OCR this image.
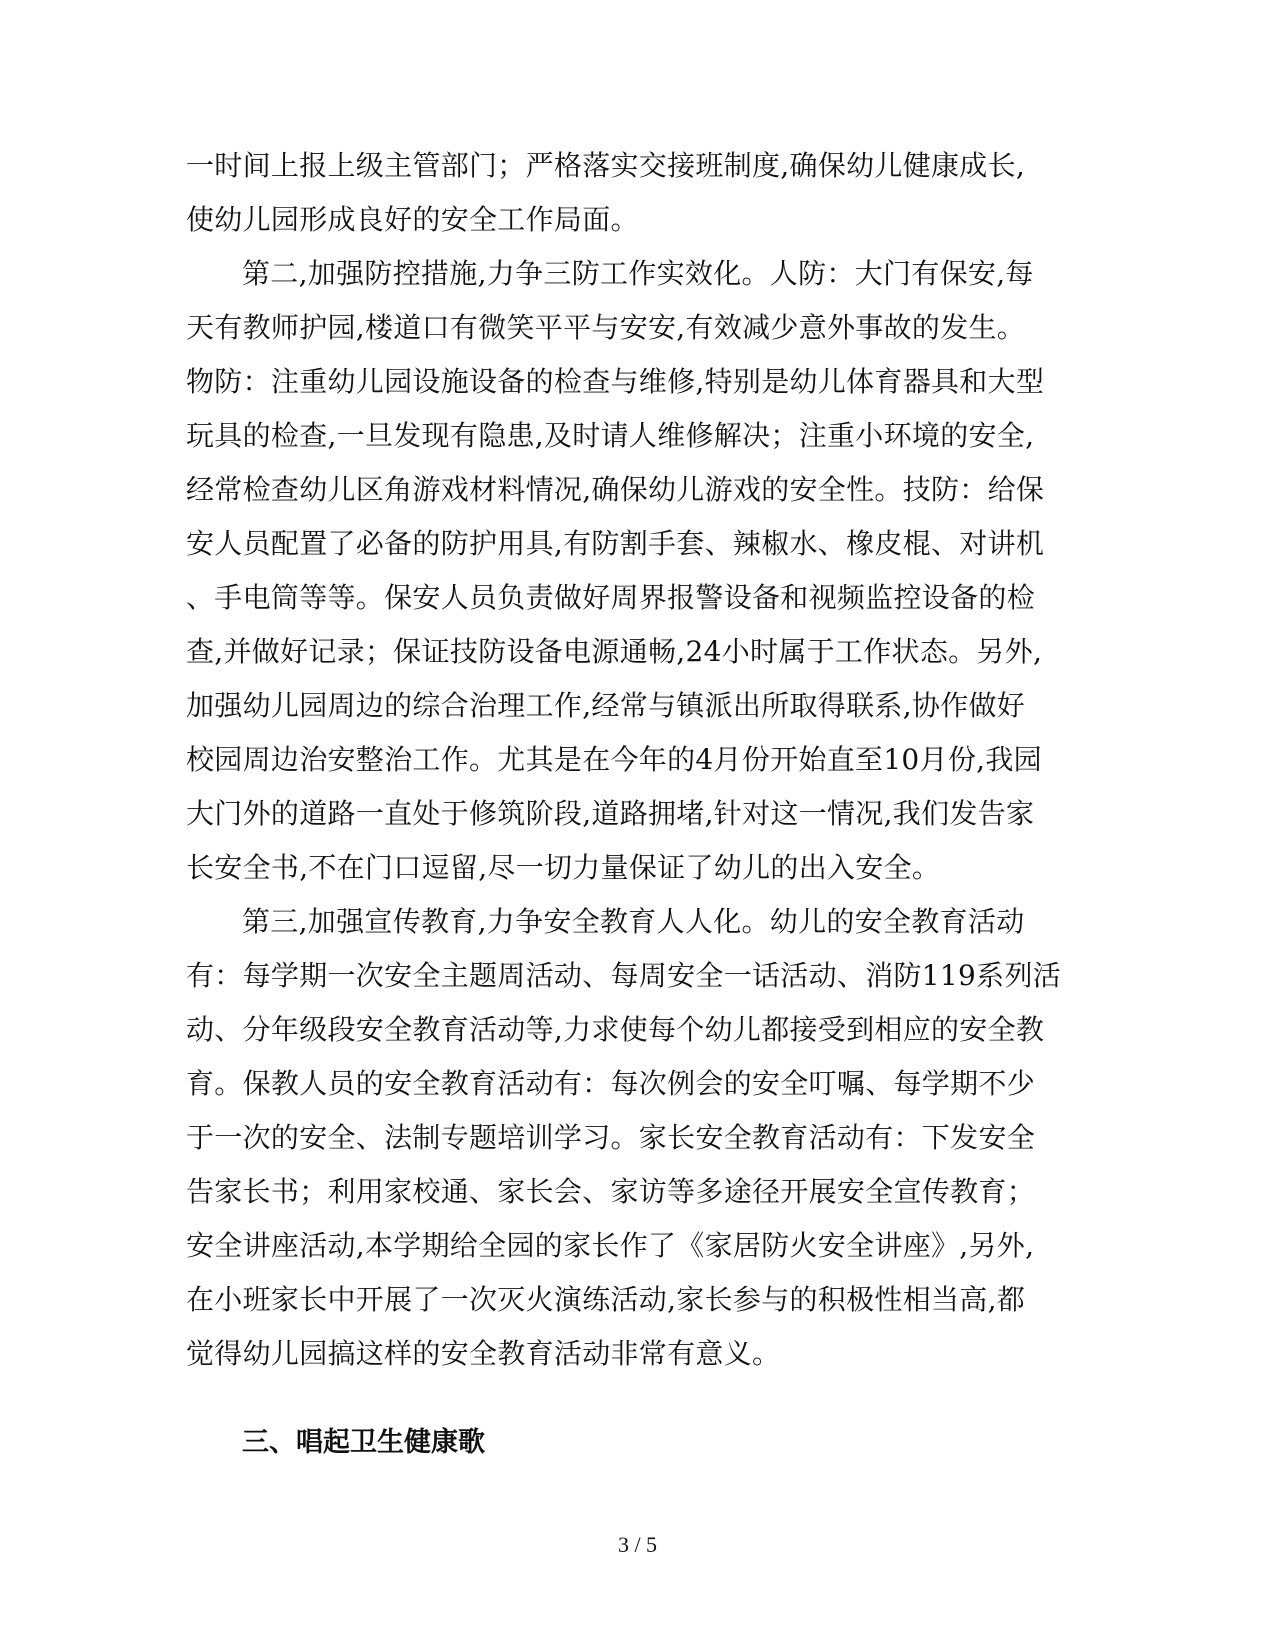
一时间上报上级主管部门；严格落实交接班制度,确保幼儿健康成长,
使幼儿园形成良好的安全工作局面。
第二,加强防控措施,力争三防工作实效化。人防：大门有保安,每
天有教师护园,楼道口有微笑平平与安安,有效减少意外事故的发生。
物防：注重幼儿园设施设备的检查与维修,特别是幼儿体育器具和大型
玩具的检查,一旦发现有隐患,及时请人维修解决；注重小环境的安全,
经常检查幼儿区角游戏材料情况,确保幼儿游戏的安全性。技防：给保
安人员配置了必备的防护用具,有防割手套、辣椒水、橡皮棍、对讲机
、手电筒等等。保安人员负责做好周界报警设备和视频监控设备的检
查,并做好记录；保证技防设备电源通畅,24小时属于工作状态。另外,
加强幼儿园周边的综合治理工作,经常与镇派出所取得联系,协作做好
校园周边治安整治工作。尤其是在今年的4月份开始直至10月份,我园
大门外的道路一直处于修筑阶段,道路拥堵,针对这一情况,我们发告家
长安全书,不在门口逗留,尽一切力量保证了幼儿的出入安全。
第三,加强宣传教育,力争安全教育人人化。幼儿的安全教育活动
有：每学期一次安全主题周活动、每周安全一话活动、消防119系列活
动、分年级段安全教育活动等,力求使每个幼儿都接受到相应的安全教
育。保教人员的安全教育活动有：每次例会的安全叮嘱、每学期不少
于一次的安全、法制专题培训学习。家长安全教育活动有：下发安全
告家长书；利用家校通、家长会、家访等多途径开展安全宣传教育；
安全讲座活动,本学期给全园的家长作了《家居防火安全讲座》,另外,
在小班家长中开展了一次灭火演练活动,家长参与的积极性相当高,都
觉得幼儿园搞这样的安全教育活动非常有意义。
三、唱起卫生健康歌
3 / 5
